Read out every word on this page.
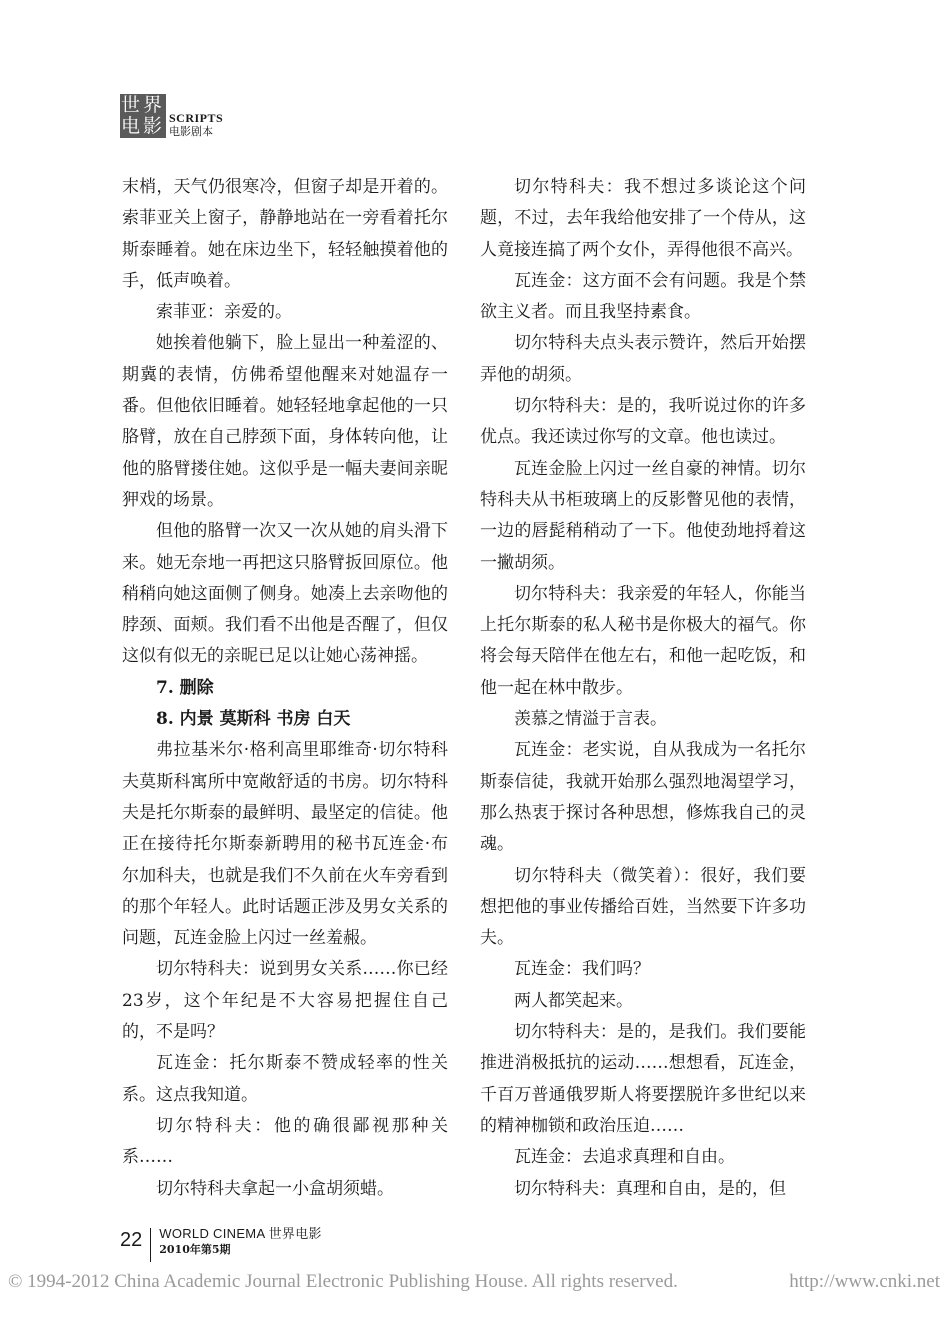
世界
电影 SCRIPTS
电影剧本

末梢，天气仍很寒冷，但窗子却是开着的。索菲亚关上窗子，静静地站在一旁看着托尔斯泰睡着。她在床边坐下，轻轻触摸着他的手，低声唤着。

索菲亚：亲爱的。

她挨着他躺下，脸上显出一种羞涩的、期冀的表情，仿佛希望他醒来对她温存一番。但他依旧睡着。她轻轻地拿起他的一只胳臂，放在自己脖颈下面，身体转向他，让他的胳臂搂住她。这似乎是一幅夫妻间亲昵狎戏的场景。

但他的胳臂一次又一次从她的肩头滑下来。她无奈地一再把这只胳臂扳回原位。他稍稍向她这面侧了侧身。她凑上去亲吻他的脖颈、面颊。我们看不出他是否醒了，但仅这似有似无的亲昵已足以让她心荡神摇。

7. 删除

8. 内景 莫斯科 书房 白天

弗拉基米尔·格利高里耶维奇·切尔特科夫莫斯科寓所中宽敞舒适的书房。切尔特科夫是托尔斯泰的最鲜明、最坚定的信徒。他正在接待托尔斯泰新聘用的秘书瓦连金·布尔加科夫，也就是我们不久前在火车旁看到的那个年轻人。此时话题正涉及男女关系的问题，瓦连金脸上闪过一丝羞赧。

切尔特科夫：说到男女关系……你已经23岁，这个年纪是不大容易把握住自己的，不是吗？

瓦连金：托尔斯泰不赞成轻率的性关系。这点我知道。

切尔特科夫：他的确很鄙视那种关系……

切尔特科夫拿起一小盒胡须蜡。

切尔特科夫：我不想过多谈论这个问题，不过，去年我给他安排了一个侍从，这人竟接连搞了两个女仆，弄得他很不高兴。

瓦连金：这方面不会有问题。我是个禁欲主义者。而且我坚持素食。

切尔特科夫点头表示赞许，然后开始摆弄他的胡须。

切尔特科夫：是的，我听说过你的许多优点。我还读过你写的文章。他也读过。

瓦连金脸上闪过一丝自豪的神情。切尔特科夫从书柜玻璃上的反影瞥见他的表情，一边的唇髭稍稍动了一下。他使劲地捋着这一撇胡须。

切尔特科夫：我亲爱的年轻人，你能当上托尔斯泰的私人秘书是你极大的福气。你将会每天陪伴在他左右，和他一起吃饭，和他一起在林中散步。

羡慕之情溢于言表。

瓦连金：老实说，自从我成为一名托尔斯泰信徒，我就开始那么强烈地渴望学习，那么热衷于探讨各种思想，修炼我自己的灵魂。

切尔特科夫（微笑着）：很好，我们要想把他的事业传播给百姓，当然要下许多功夫。

瓦连金：我们吗？

两人都笑起来。

切尔特科夫：是的，是我们。我们要能推进消极抵抗的运动……想想看，瓦连金，千百万普通俄罗斯人将要摆脱许多世纪以来的精神枷锁和政治压迫……

瓦连金：去追求真理和自由。

切尔特科夫：真理和自由，是的，但

22 WORLD CINEMA 世界电影
2010年第5期
© 1994-2012 China Academic Journal Electronic Publishing House. All rights reserved.	http://www.cnki.net
